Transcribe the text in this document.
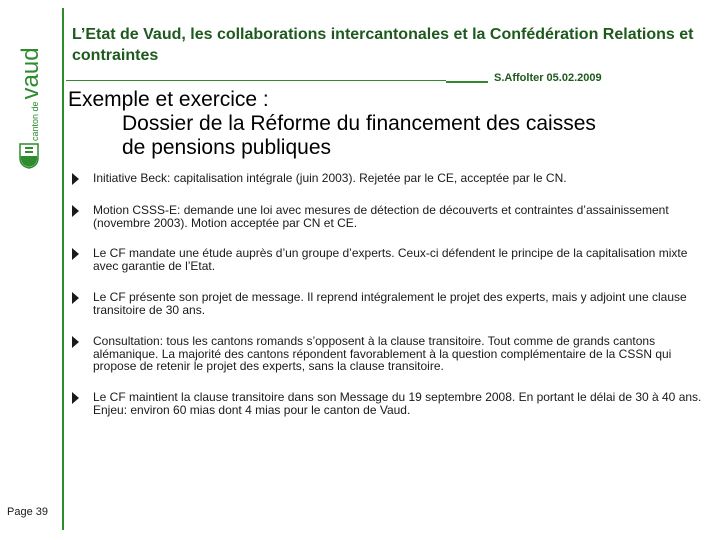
L’Etat de Vaud, les collaborations intercantonales et la Confédération Relations et contraintes
S.Affolter 05.02.2009
canton devaud
Exemple et exercice :
Dossier de la Réforme du financement des caisses
de pensions publiques
Initiative Beck: capitalisation intégrale (juin 2003). Rejetée par le CE, acceptée par le CN.
Motion CSSS-E: demande une loi avec mesures de détection de découverts et contraintes d’assainissement (novembre 2003). Motion acceptée par CN et CE.
Le CF mandate une étude auprès d’un groupe d’experts. Ceux-ci défendent le principe de la capitalisation mixte avec garantie de l’Etat.
Le CF présente son projet de message. Il reprend intégralement le projet des experts, mais y adjoint une clause transitoire de 30 ans.
Consultation: tous les cantons romands s’opposent à la clause transitoire. Tout comme de grands cantons alémanique. La majorité des cantons répondent favorablement à la question complémentaire de la CSSN qui propose de retenir le projet des experts, sans la clause transitoire.
Le CF maintient la clause transitoire dans son Message du 19 septembre 2008. En portant le délai de 30 à 40 ans. Enjeu: environ 60 mias dont 4 mias pour le canton de Vaud.
Page 39
